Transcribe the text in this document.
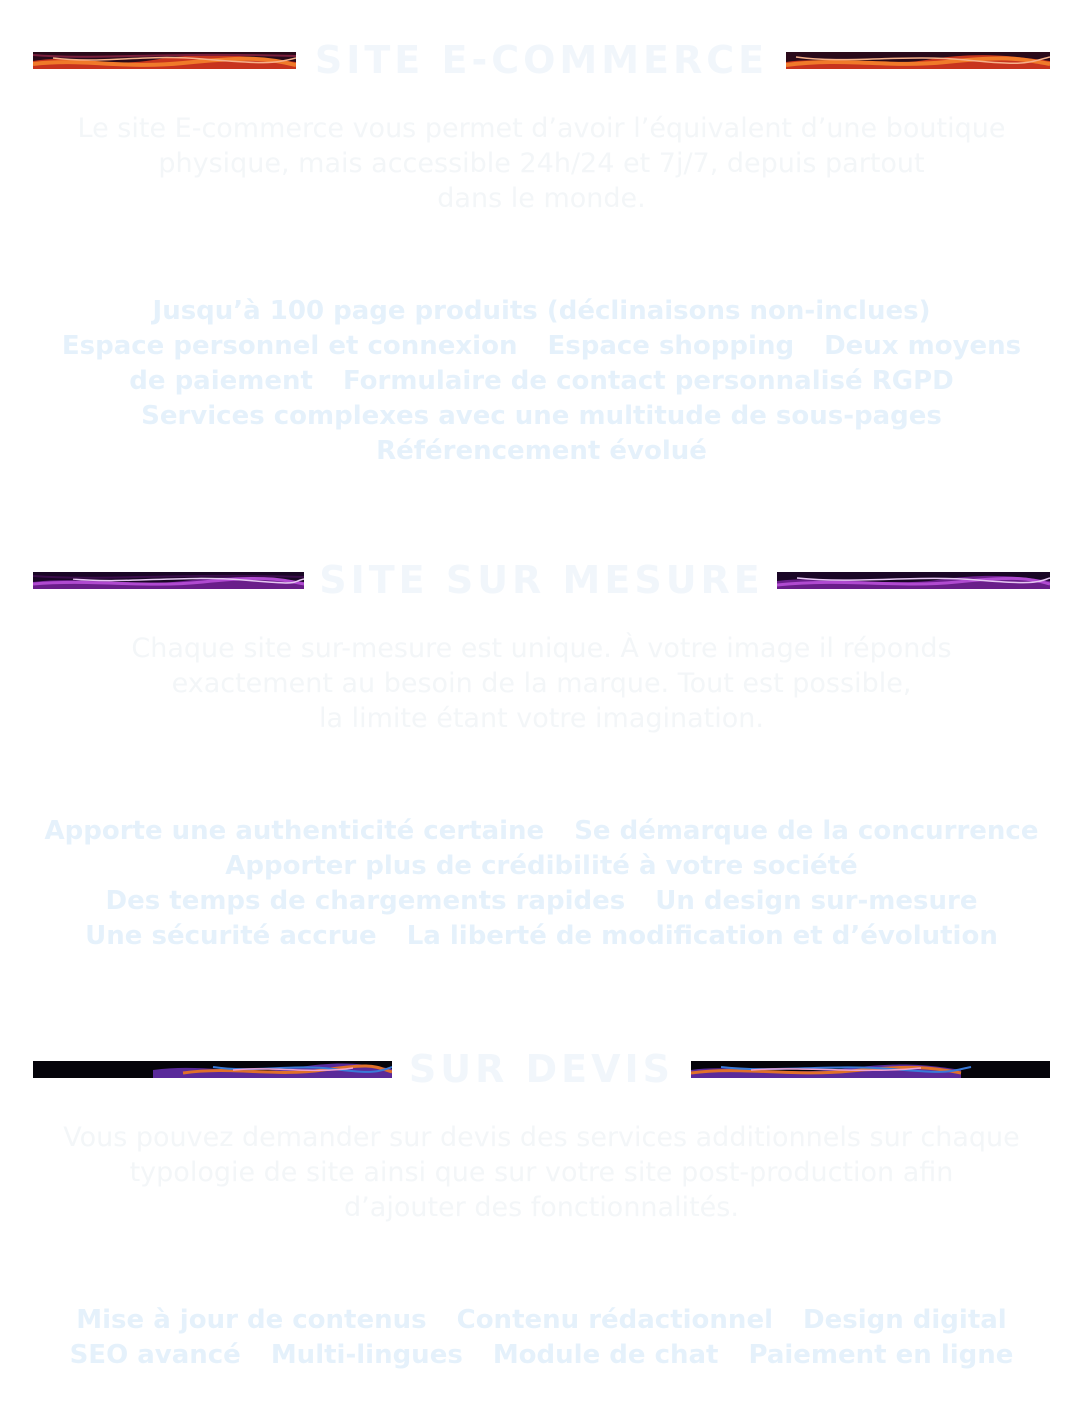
SITE E-COMMERCE
Le site E-commerce vous permet d’avoir l’équivalent d’une boutique
physique, mais accessible 24h/24 et 7j/7, depuis partout
dans le monde.
Jusqu’à 100 page produits (déclinaisons non-inclues)
Espace personnel et connexion Espace shopping Deux moyens
de paiement Formulaire de contact personnalisé RGPD
Services complexes avec une multitude de sous-pages
Référencement évolué
SITE SUR MESURE
Chaque site sur-mesure est unique. À votre image il réponds
exactement au besoin de la marque. Tout est possible,
la limite étant votre imagination.
Apporte une authenticité certaine Se démarque de la concurrence
Apporter plus de crédibilité à votre société
Des temps de chargements rapides Un design sur-mesure
Une sécurité accrue La liberté de modification et d’évolution
SUR DEVIS
Vous pouvez demander sur devis des services additionnels sur chaque
typologie de site ainsi que sur votre site post-production afin
d’ajouter des fonctionnalités.
Mise à jour de contenus Contenu rédactionnel Design digital
SEO avancé Multi-lingues Module de chat Paiement en ligne
